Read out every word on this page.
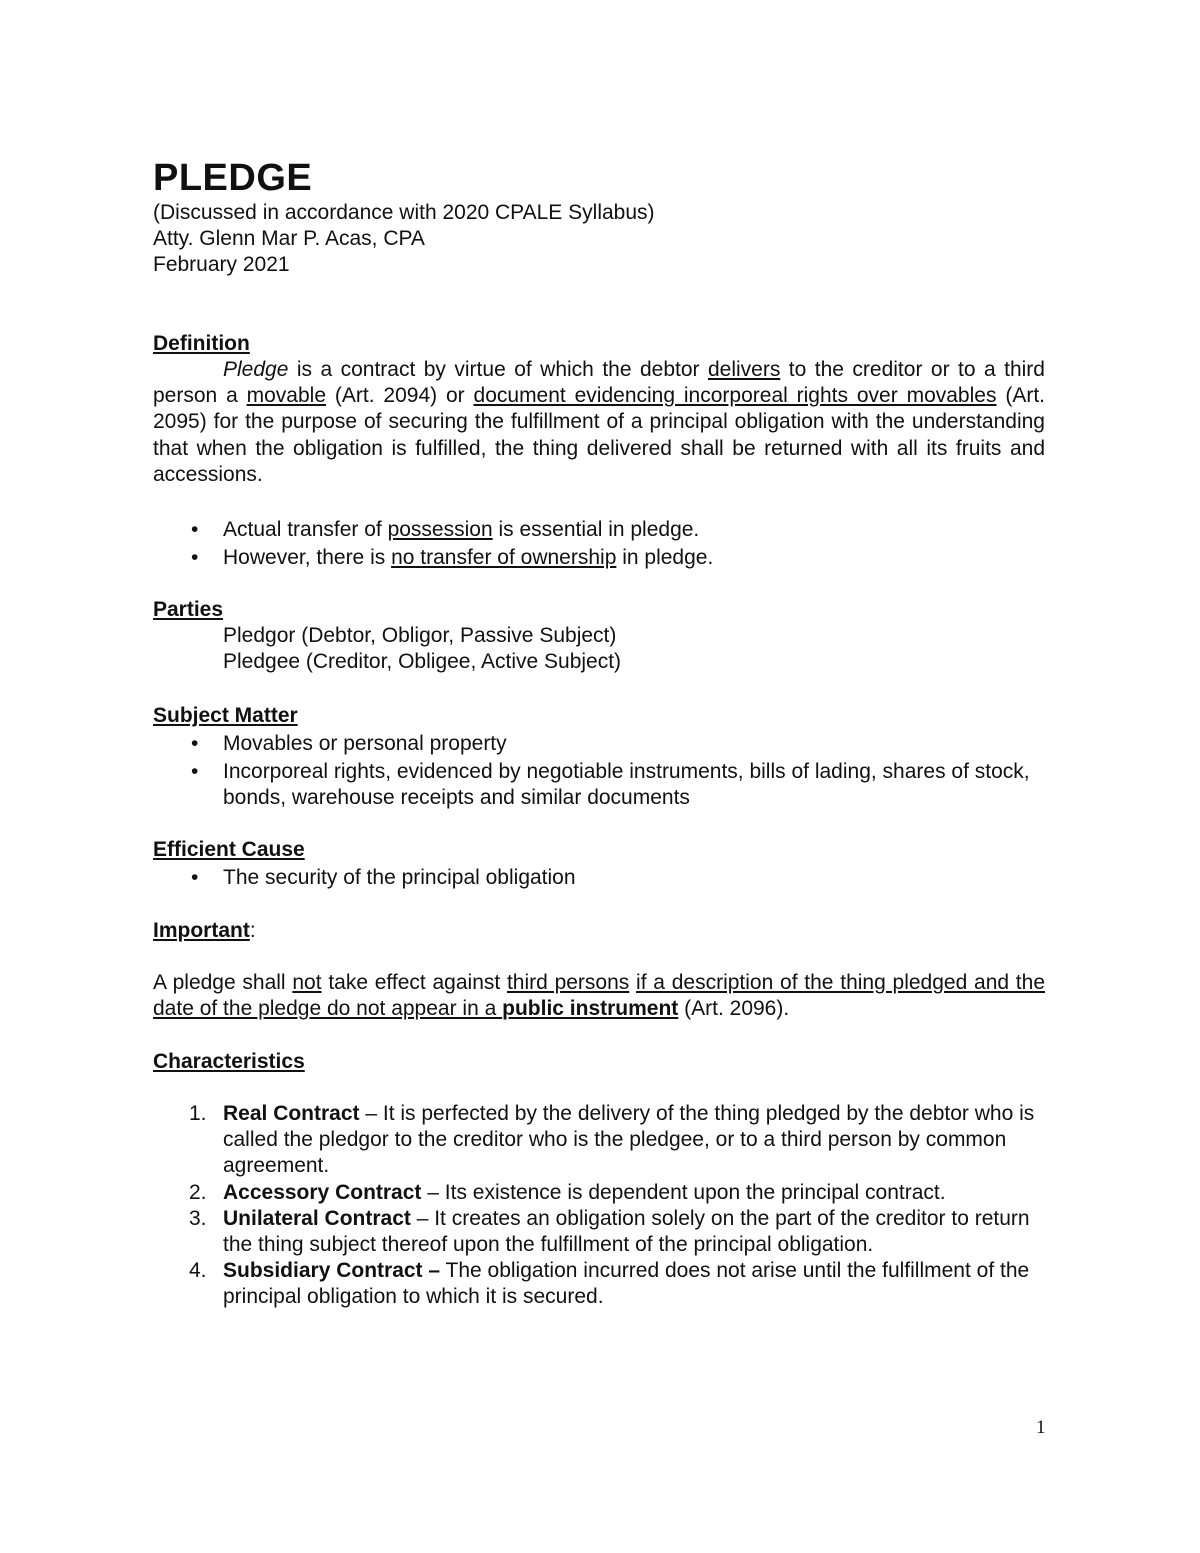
PLEDGE
(Discussed in accordance with 2020 CPALE Syllabus)
Atty. Glenn Mar P. Acas, CPA
February 2021
Definition
Pledge is a contract by virtue of which the debtor delivers to the creditor or to a third person a movable (Art. 2094) or document evidencing incorporeal rights over movables (Art. 2095) for the purpose of securing the fulfillment of a principal obligation with the understanding that when the obligation is fulfilled, the thing delivered shall be returned with all its fruits and accessions.
• Actual transfer of possession is essential in pledge.
• However, there is no transfer of ownership in pledge.
Parties
Pledgor (Debtor, Obligor, Passive Subject)
Pledgee (Creditor, Obligee, Active Subject)
Subject Matter
• Movables or personal property
• Incorporeal rights, evidenced by negotiable instruments, bills of lading, shares of stock, bonds, warehouse receipts and similar documents
Efficient Cause
• The security of the principal obligation
Important:
A pledge shall not take effect against third persons if a description of the thing pledged and the date of the pledge do not appear in a public instrument (Art. 2096).
Characteristics
1. Real Contract – It is perfected by the delivery of the thing pledged by the debtor who is called the pledgor to the creditor who is the pledgee, or to a third person by common agreement.
2. Accessory Contract – Its existence is dependent upon the principal contract.
3. Unilateral Contract – It creates an obligation solely on the part of the creditor to return the thing subject thereof upon the fulfillment of the principal obligation.
4. Subsidiary Contract – The obligation incurred does not arise until the fulfillment of the principal obligation to which it is secured.
1
